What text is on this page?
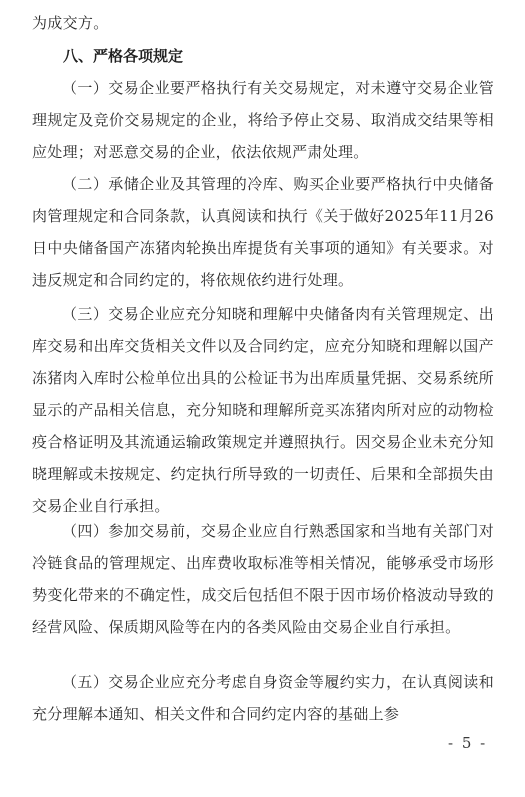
为成交方。
八、严格各项规定
（一）交易企业要严格执行有关交易规定，对未遵守交易企业管理规定及竞价交易规定的企业，将给予停止交易、取消成交结果等相应处理；对恶意交易的企业，依法依规严肃处理。
（二）承储企业及其管理的冷库、购买企业要严格执行中央储备肉管理规定和合同条款，认真阅读和执行《关于做好2025年11月26日中央储备国产冻猪肉轮换出库提货有关事项的通知》有关要求。对违反规定和合同约定的，将依规依约进行处理。
（三）交易企业应充分知晓和理解中央储备肉有关管理规定、出库交易和出库交货相关文件以及合同约定，应充分知晓和理解以国产冻猪肉入库时公检单位出具的公检证书为出库质量凭据、交易系统所显示的产品相关信息，充分知晓和理解所竞买冻猪肉所对应的动物检疫合格证明及其流通运输政策规定并遵照执行。因交易企业未充分知晓理解或未按规定、约定执行所导致的一切责任、后果和全部损失由交易企业自行承担。
（四）参加交易前，交易企业应自行熟悉国家和当地有关部门对冷链食品的管理规定、出库费收取标准等相关情况，能够承受市场形势变化带来的不确定性，成交后包括但不限于因市场价格波动导致的经营风险、保质期风险等在内的各类风险由交易企业自行承担。
（五）交易企业应充分考虑自身资金等履约实力，在认真阅读和充分理解本通知、相关文件和合同约定内容的基础上参
- 5 -
